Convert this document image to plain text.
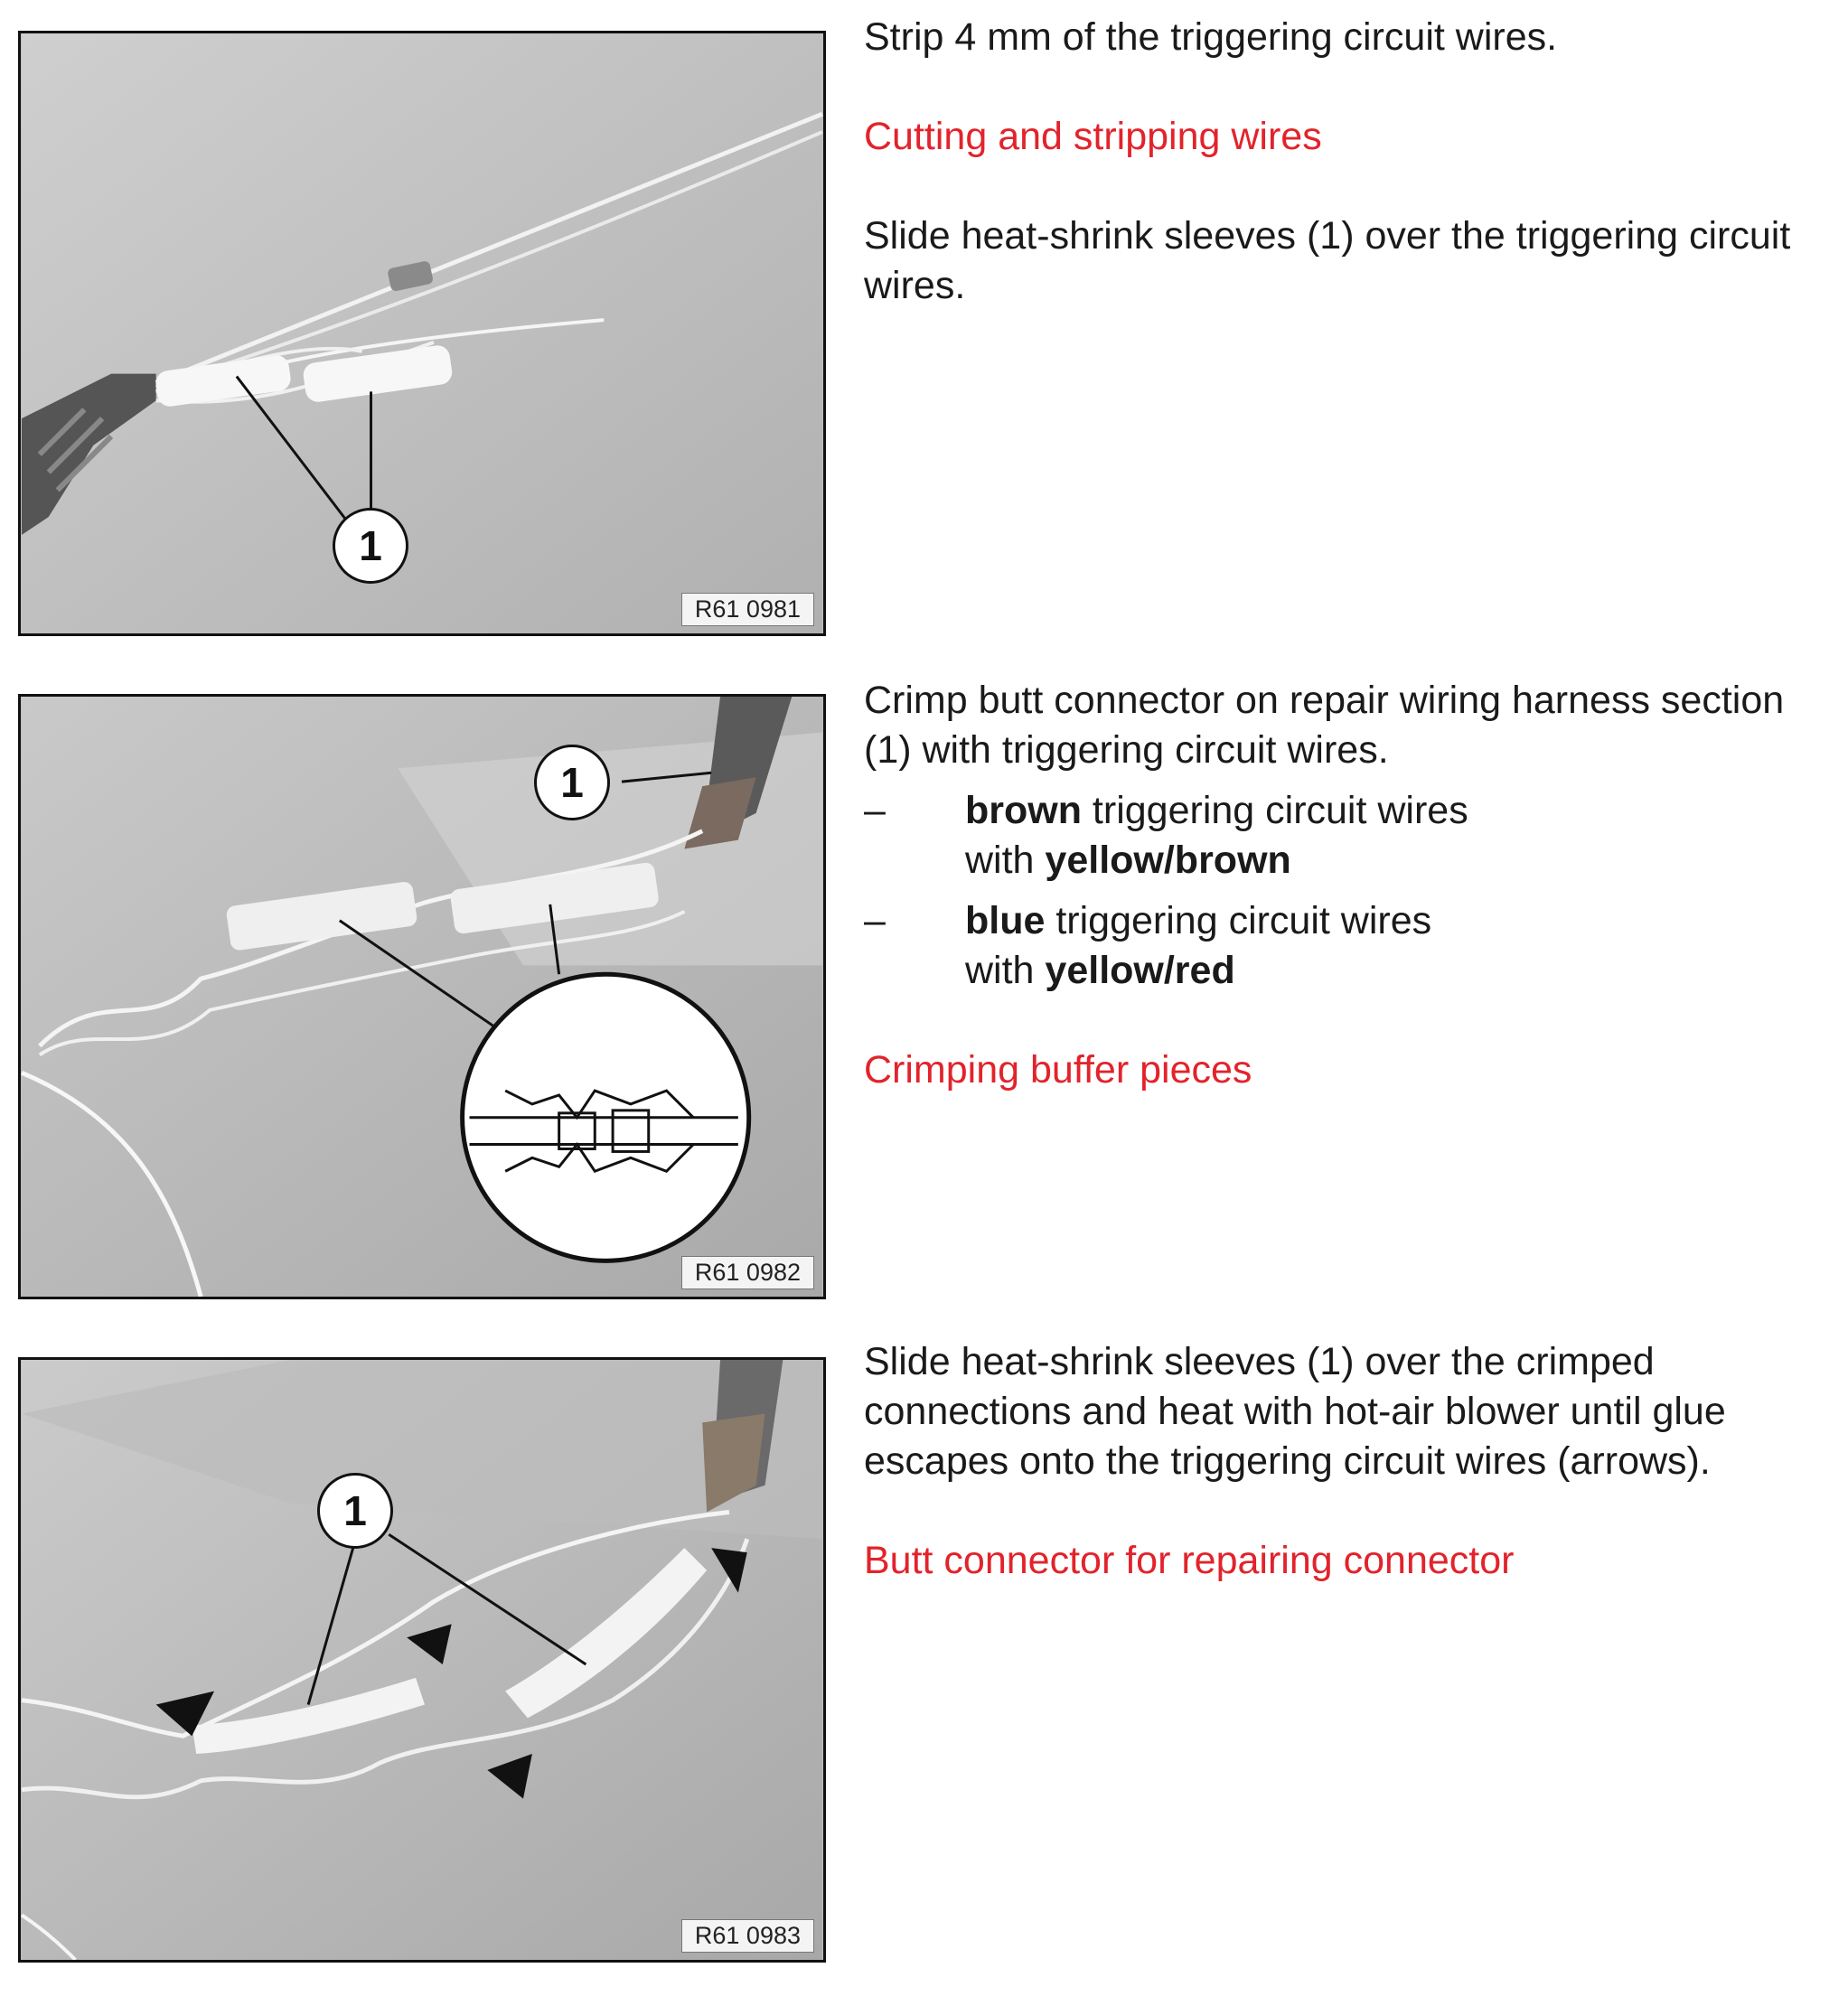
1
R61 0981

Strip 4 mm of the triggering circuit wires.

Cutting and stripping wires

Slide heat-shrink sleeves (1) over the triggering circuit wires.

1
R61 0982

Crimp butt connector on repair wiring harness section (1) with triggering circuit wires.

– brown triggering circuit wires
with yellow/brown

– blue triggering circuit wires
with yellow/red

Crimping buffer pieces

1
R61 0983

Slide heat-shrink sleeves (1) over the crimped connections and heat with hot-air blower until glue escapes onto the triggering circuit wires (arrows).

Butt connector for repairing connector
